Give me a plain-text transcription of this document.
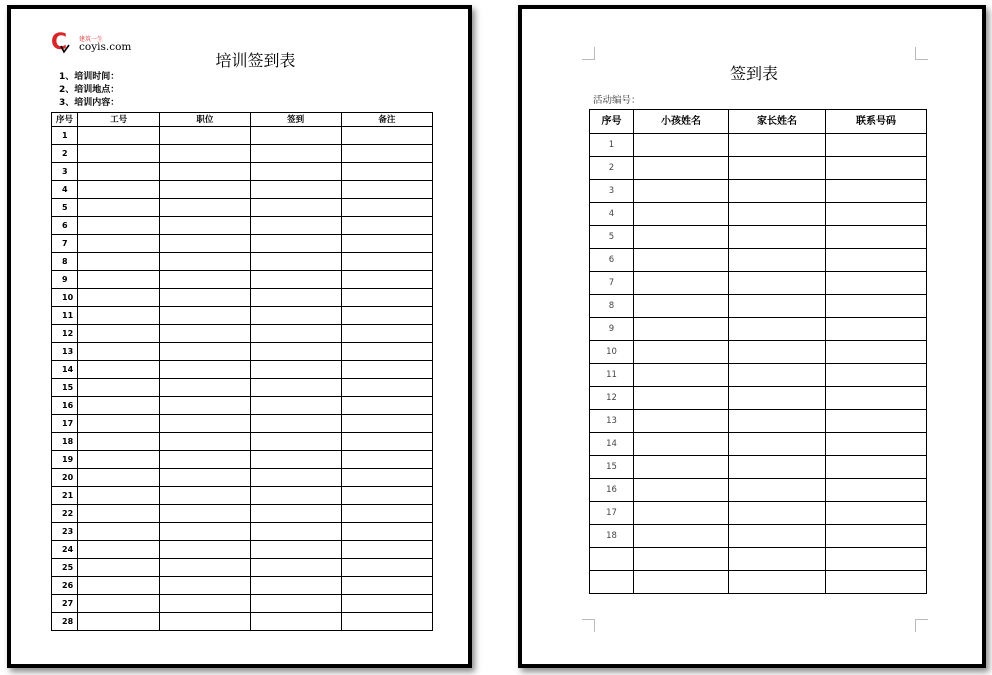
C 建筑一生
coyis.com
培训签到表
1、培训时间：
2、培训地点：
3、培训内容：
序号	工号	职位	签到	备注
1				
2				
3				
4				
5				
6				
7				
8				
9				
10				
11				
12				
13				
14				
15				
16				
17				
18				
19				
20				
21				
22				
23				
24				
25				
26				
27				
28				
签到表
活动编号：
序号	小孩姓名	家长姓名	联系号码
1			
2			
3			
4			
5			
6			
7			
8			
9			
10			
11			
12			
13			
14			
15			
16			
17			
18			
